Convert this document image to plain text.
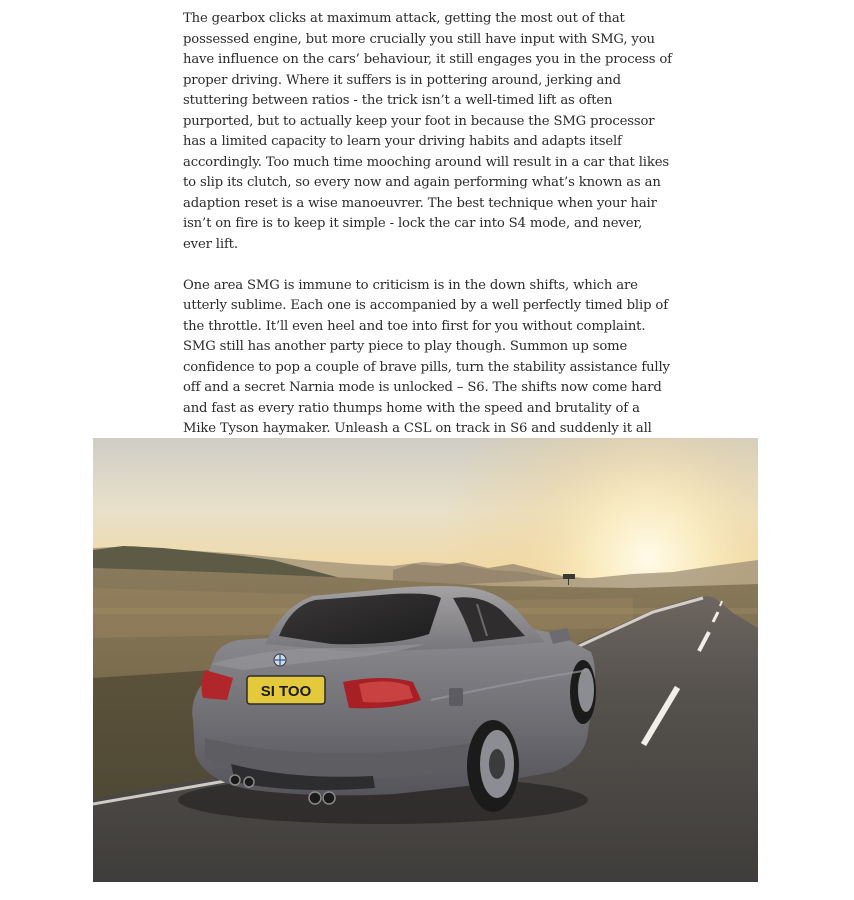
The gearbox clicks at maximum attack, getting the most out of that possessed engine, but more crucially you still have input with SMG, you have influence on the cars’ behaviour, it still engages you in the process of proper driving. Where it suffers is in pottering around, jerking and stuttering between ratios - the trick isn’t a well-timed lift as often purported, but to actually keep your foot in because the SMG processor has a limited capacity to learn your driving habits and adapts itself accordingly. Too much time mooching around will result in a car that likes to slip its clutch, so every now and again performing what’s known as an adaption reset is a wise manoeuvrer. The best technique when your hair isn’t on fire is to keep it simple - lock the car into S4 mode, and never, ever lift.

One area SMG is immune to criticism is in the down shifts, which are utterly sublime. Each one is accompanied by a well perfectly timed blip of the throttle. It’ll even heel and toe into first for you without complaint. SMG still has another party piece to play though. Summon up some confidence to pop a couple of brave pills, turn the stability assistance fully off and a secret Narnia mode is unlocked – S6. The shifts now come hard and fast as every ratio thumps home with the speed and brutality of a Mike Tyson haymaker. Unleash a CSL on track in S6 and suddenly it all

SI TOO
